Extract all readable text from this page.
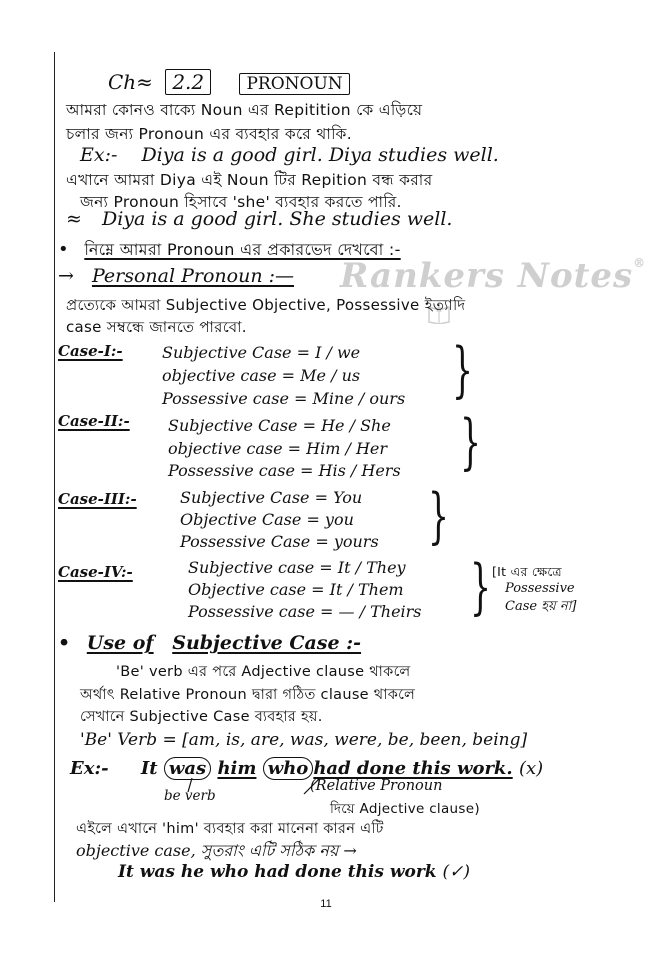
Rankers Notes®
Ch≈ 2.2 PRONOUN
আমরা কোনও বাক্যে Noun এর Repitition কে এড়িয়ে
চলার জন্য Pronoun এর ব্যবহার করে থাকি.
Ex:- Diya is a good girl. Diya studies well.
এখানে আমরা Diya এই Noun টির Repition বন্ধ করার
জন্য Pronoun হিসাবে 'she' ব্যবহার করতে পারি.
≈ Diya is a good girl. She studies well.
• নিম্নে আমরা Pronoun এর প্রকারভেদ দেখবো :-
→ Personal Pronoun :—
প্রত্যেকে আমরা Subjective Objective, Possessive ইত্যাদি
case সম্বন্ধে জানতে পারবো.
Case-I:- Subjective Case = I / we
objective case = Me / us
Possessive case = Mine / ours }
Case-II:- Subjective Case = He / She
objective case = Him / Her
Possessive case = His / Hers }
Case-III:-	Subjective Case = You
Objective Case = you
Possessive Case = yours }
Case-IV:-	Subjective case = It / They
Objective case = It / Them
Possessive case = — / Theirs } [It এর ক্ষেত্রে
Possessive
Case হয় না]
• Use of Subjective Case :-
'Be' verb এর পরে Adjective clause থাকলে
অর্থাৎ Relative Pronoun দ্বারা গঠিত clause থাকলে
সেখানে Subjective Case ব্যবহার হয়.
'Be' Verb = [am, is, are, was, were, be, been, being]
Ex:- It was him who had done this work. (x)
be verb
(Relative Pronoun
দিয়ে Adjective clause)
এইলে এখানে 'him' ব্যবহার করা মানেনা কারন এটি
objective case, সুতরাং এটি সঠিক নয় →
It was he who had done this work (✓)
11
